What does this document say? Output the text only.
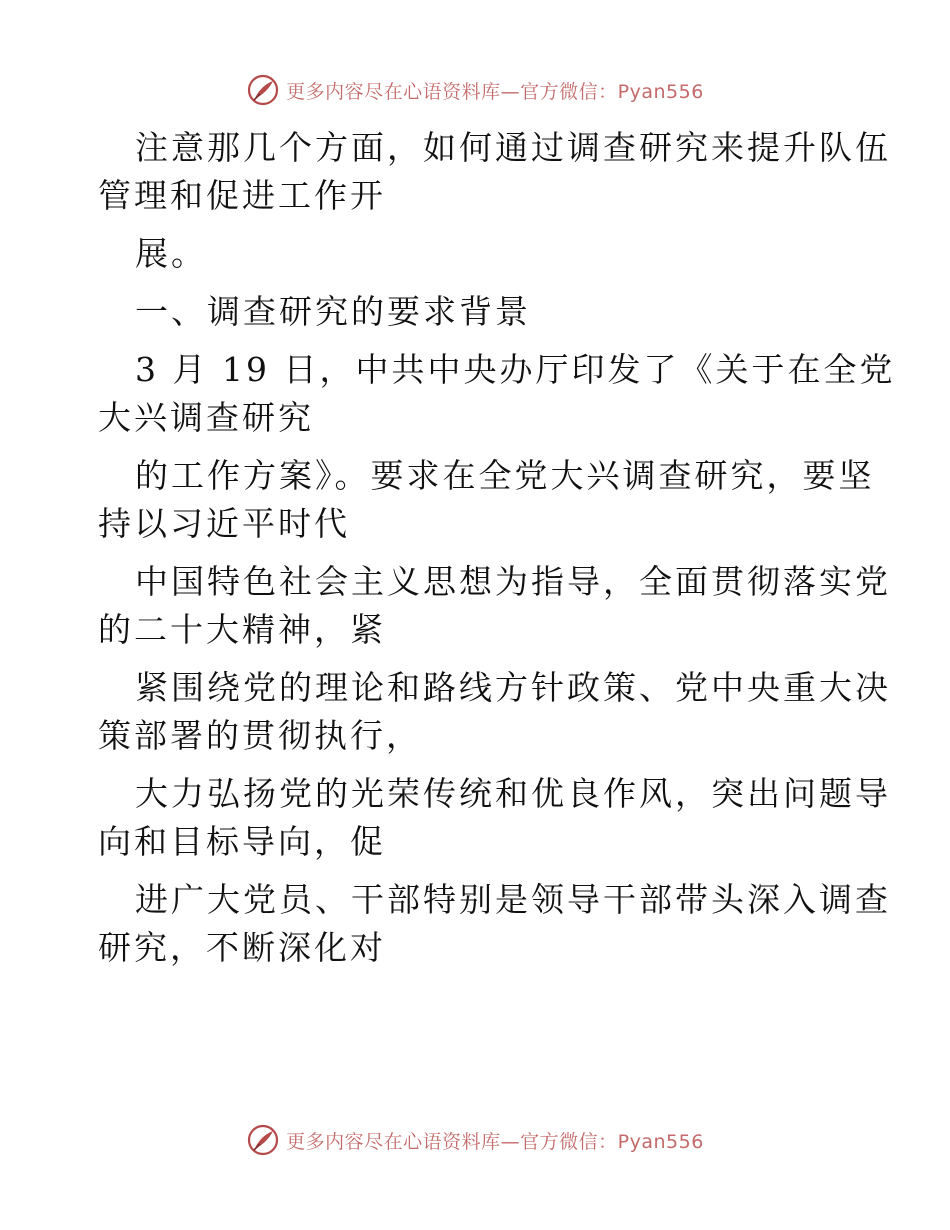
更多内容尽在心语资料库—官方微信：Pyan556
注意那几个方面，如何通过调查研究来提升队伍
管理和促进工作开
展。
一、调查研究的要求背景
3 月 19 日，中共中央办厅印发了《关于在全党
大兴调查研究
的工作方案》。要求在全党大兴调查研究，要坚
持以习近平时代
中国特色社会主义思想为指导，全面贯彻落实党
的二十大精神，紧
紧围绕党的理论和路线方针政策、党中央重大决
策部署的贯彻执行，
大力弘扬党的光荣传统和优良作风，突出问题导
向和目标导向，促
进广大党员、干部特别是领导干部带头深入调查
研究，不断深化对
更多内容尽在心语资料库—官方微信：Pyan556
